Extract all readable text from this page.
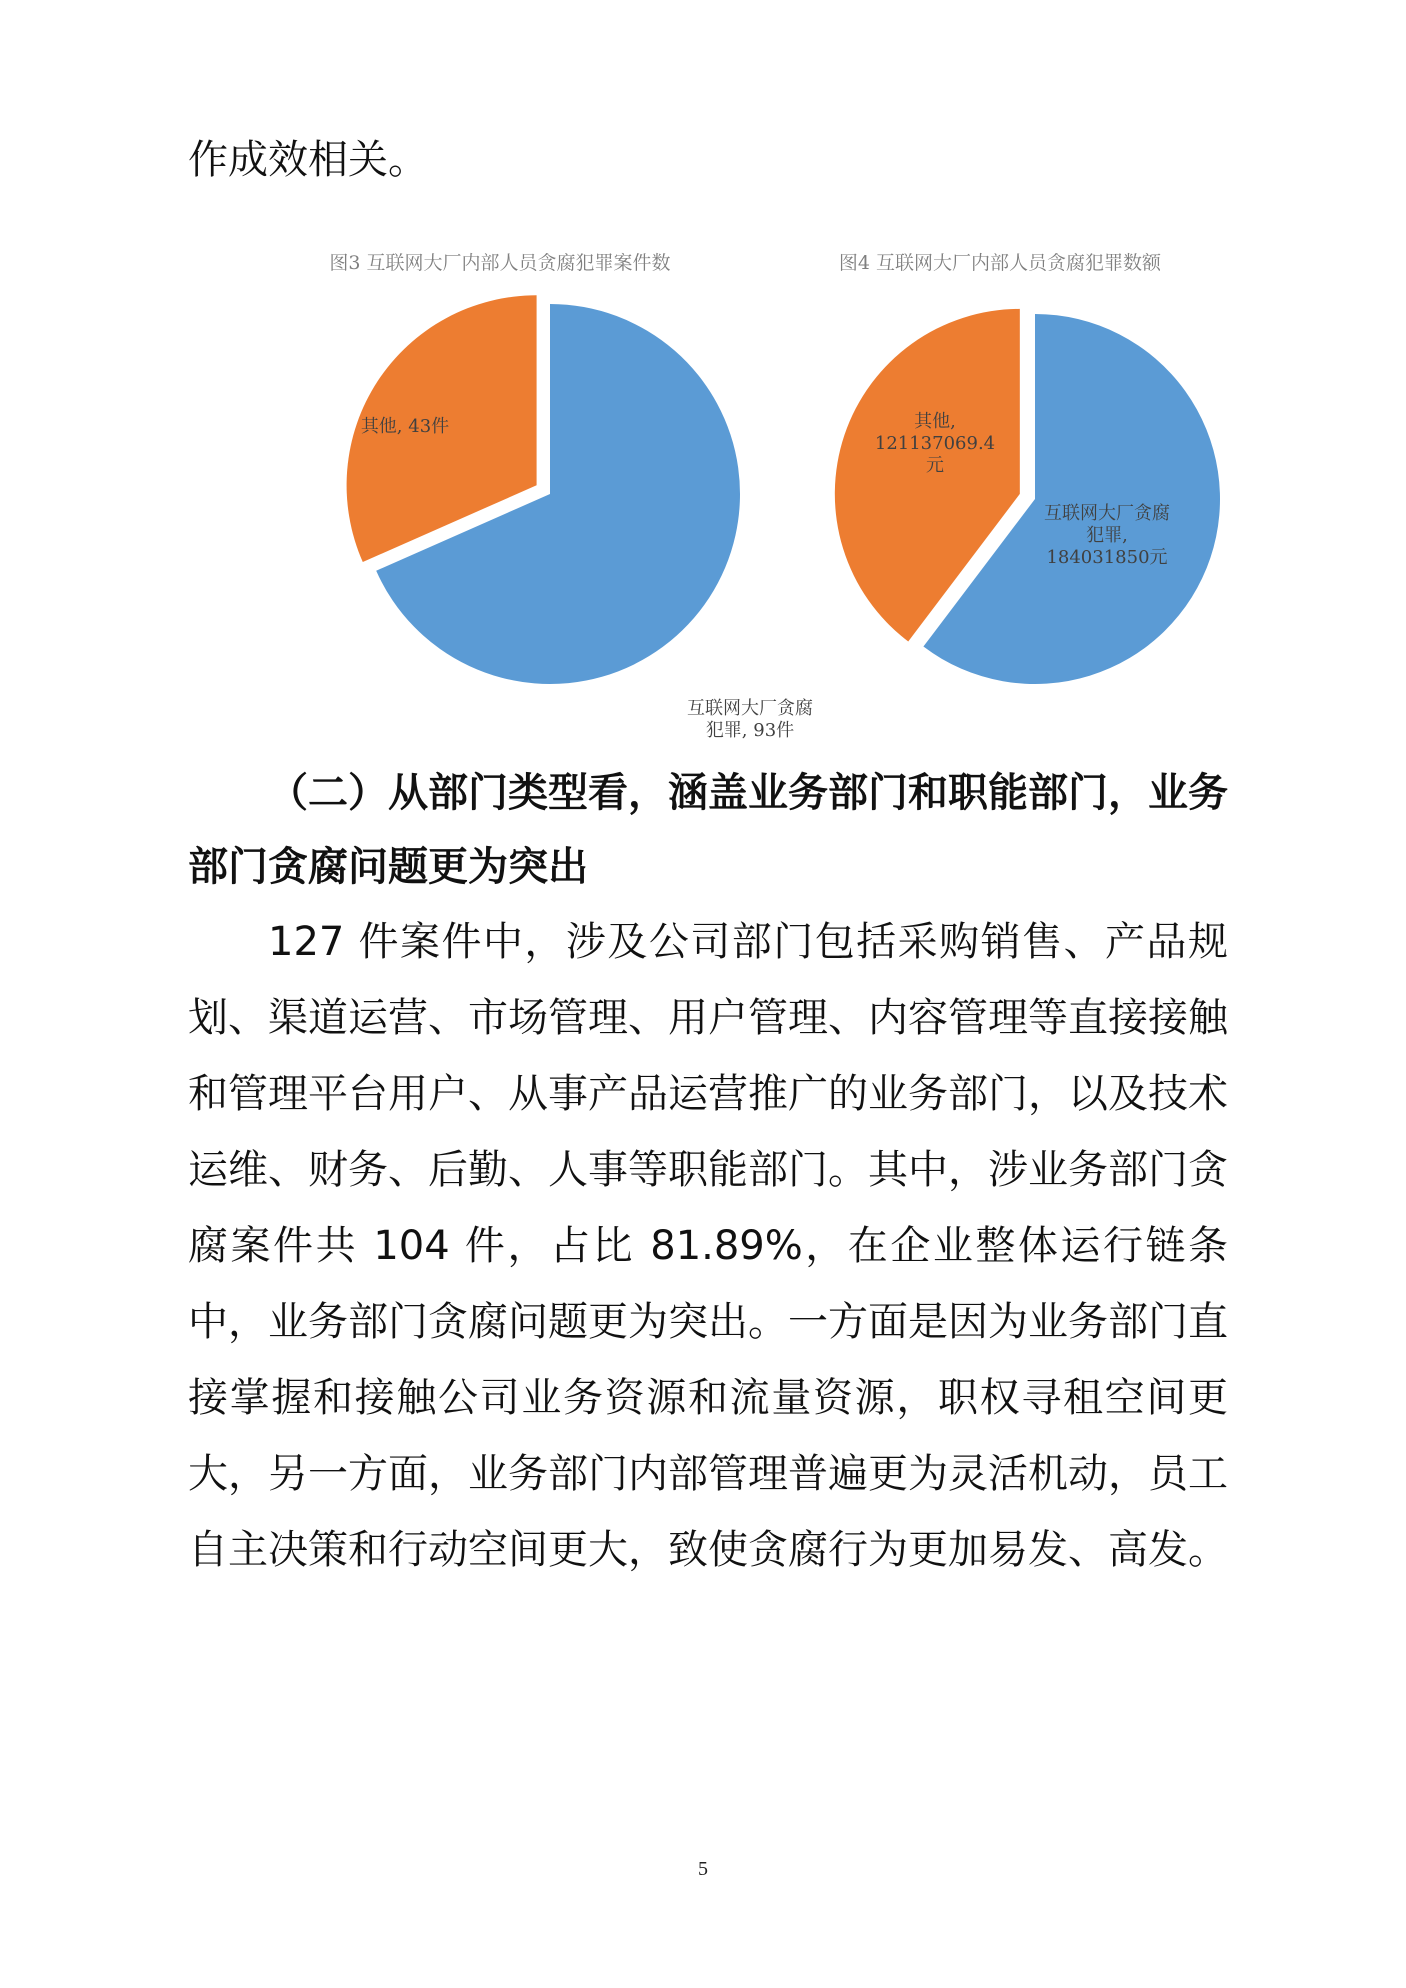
作成效相关。
图3 互联网大厂内部人员贪腐犯罪案件数
互联网大厂贪腐犯罪, 93件
其他, 43件
图4 互联网大厂内部人员贪腐犯罪数额
互联网大厂贪腐犯罪, 184031850元
其他, 121137069.4 元

（二）从部门类型看，涵盖业务部门和职能部门，业务部门贪腐问题更为突出

127 件案件中，涉及公司部门包括采购销售、产品规划、渠道运营、市场管理、用户管理、内容管理等直接接触和管理平台用户、从事产品运营推广的业务部门，以及技术运维、财务、后勤、人事等职能部门。其中，涉业务部门贪腐案件共 104 件，占比 81.89%，在企业整体运行链条中，业务部门贪腐问题更为突出。一方面是因为业务部门直接掌握和接触公司业务资源和流量资源，职权寻租空间更大，另一方面，业务部门内部管理普遍更为灵活机动，员工自主决策和行动空间更大，致使贪腐行为更加易发、高发。

5
